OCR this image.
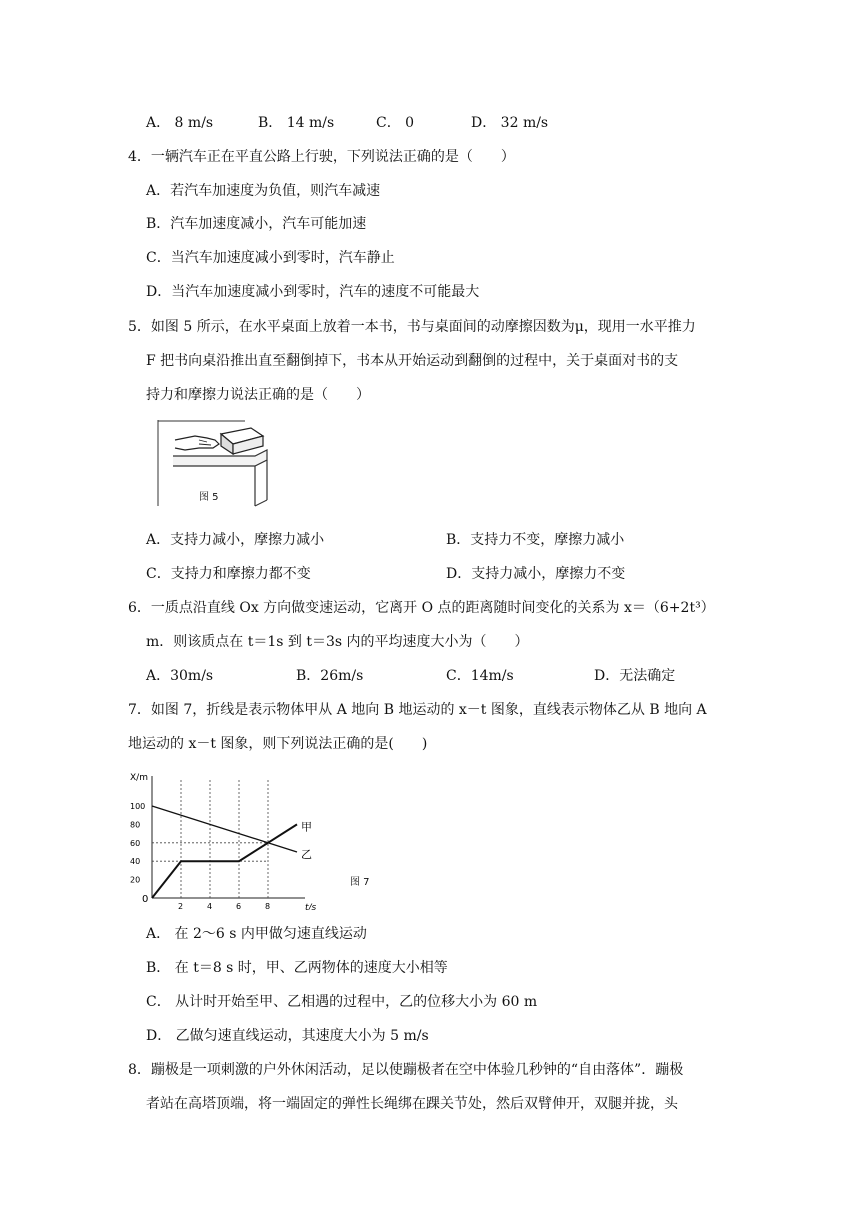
A． 8 m/s	B． 14 m/s	C． 0	D． 32 m/s
4．一辆汽车正在平直公路上行驶，下列说法正确的是（　　）
A．若汽车加速度为负值，则汽车减速
B．汽车加速度减小，汽车可能加速
C．当汽车加速度减小到零时，汽车静止
D．当汽车加速度减小到零时，汽车的速度不可能最大
5．如图 5 所示，在水平桌面上放着一本书，书与桌面间的动摩擦因数为μ，现用一水平推力
F 把书向桌沿推出直至翻倒掉下，书本从开始运动到翻倒的过程中，关于桌面对书的支
持力和摩擦力说法正确的是（　　）
图 5
A．支持力减小，摩擦力减小	B．支持力不变，摩擦力减小
C．支持力和摩擦力都不变	D．支持力减小，摩擦力不变
6．一质点沿直线 Ox 方向做变速运动，它离开 O 点的距离随时间变化的关系为 x＝（6+2t³）
m．则该质点在 t＝1s 到 t＝3s 内的平均速度大小为（　　）
A．30m/s	B．26m/s	C．14m/s	D．无法确定
7．如图 7，折线是表示物体甲从 A 地向 B 地运动的 x－t 图象，直线表示物体乙从 B 地向 A
地运动的 x－t 图象，则下列说法正确的是(　　)
X/m
t/s
0
2	4	6	8
20
40
60
80
100
甲
乙
图 7
A． 在 2～6 s 内甲做匀速直线运动
B． 在 t＝8 s 时，甲、乙两物体的速度大小相等
C． 从计时开始至甲、乙相遇的过程中，乙的位移大小为 60 m
D． 乙做匀速直线运动，其速度大小为 5 m/s
8．蹦极是一项刺激的户外休闲活动，足以使蹦极者在空中体验几秒钟的“自由落体”．蹦极
者站在高塔顶端，将一端固定的弹性长绳绑在踝关节处，然后双臂伸开，双腿并拢，头
